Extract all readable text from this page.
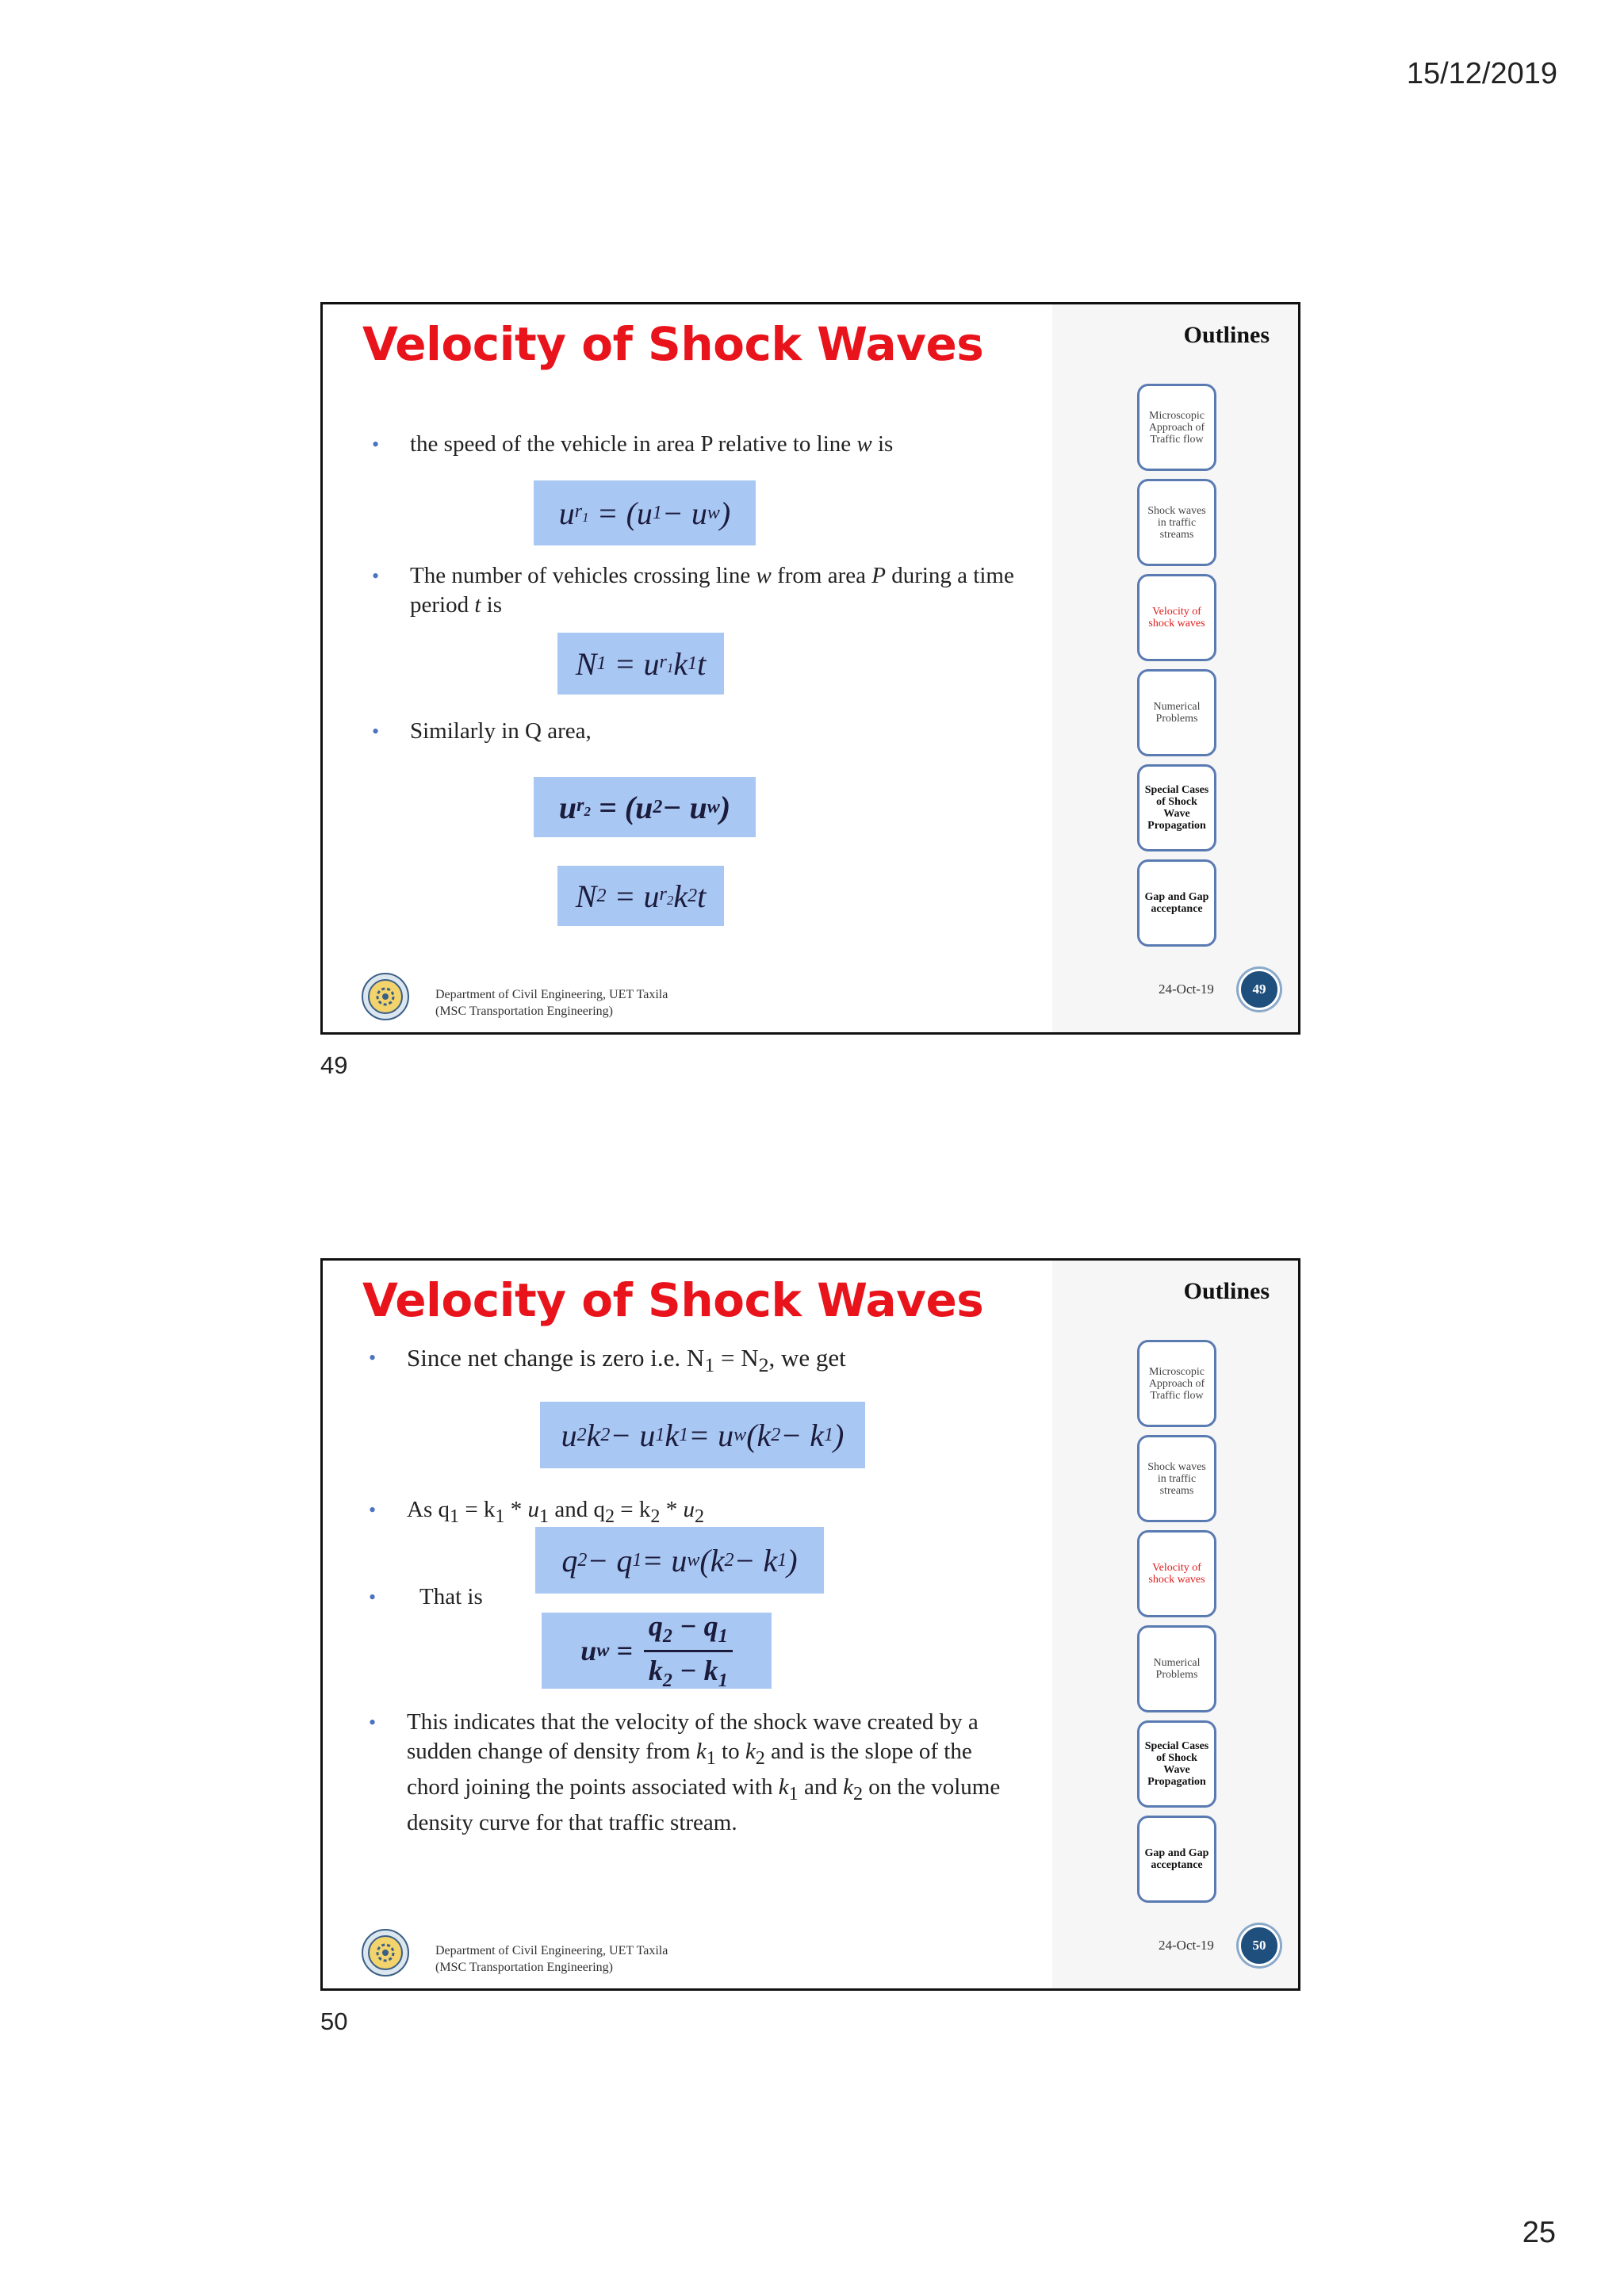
15/12/2019
Velocity of Shock Waves	Outlines
Microscopic Approach of Traffic flow
Shock waves in traffic streams
Velocity of shock waves
Numerical Problems
Special Cases of Shock Wave Propagation
Gap and Gap acceptance
• the speed of the vehicle in area P relative to line w is
u $r_1 = (u$ 1 − u w )
• The number of vehicles crossing line w from area P during a time period t is
N 1 = u $r_1$ k 1 t
• Similarly in Q area,
u $r_2 = (u$ 2 − u w )
N 2 = u $r_2$ k 2 t
Department of Civil Engineering, UET Taxila
(MSC Transportation Engineering)
24-Oct-19	49
49
Velocity of Shock Waves	Outlines
Microscopic Approach of Traffic flow
Shock waves in traffic streams
Velocity of shock waves
Numerical Problems
Special Cases of Shock Wave Propagation
Gap and Gap acceptance
• Since net change is zero i.e. $N_1 = N_2$, we get
u 2 k 2 − u 1 k 1 = u w (k 2 − k 1 )
• As $q_1 = k_1 * u_1$ and $q_2 = k_2 * u_2$
q 2 − q 1 = u w (k 2 − k 1 )
• That is
u $w = \frac{q_2 - q_1}{k_2 - k_1}$
• This indicates that the velocity of the shock wave created by a
sudden change of density from $k_1$ to $k_2$ and is the slope of the
chord joining the points associated with $k_1$ and $k_2$ on the volume
density curve for that traffic stream.
Department of Civil Engineering, UET Taxila
(MSC Transportation Engineering)
24-Oct-19	50
50
25
